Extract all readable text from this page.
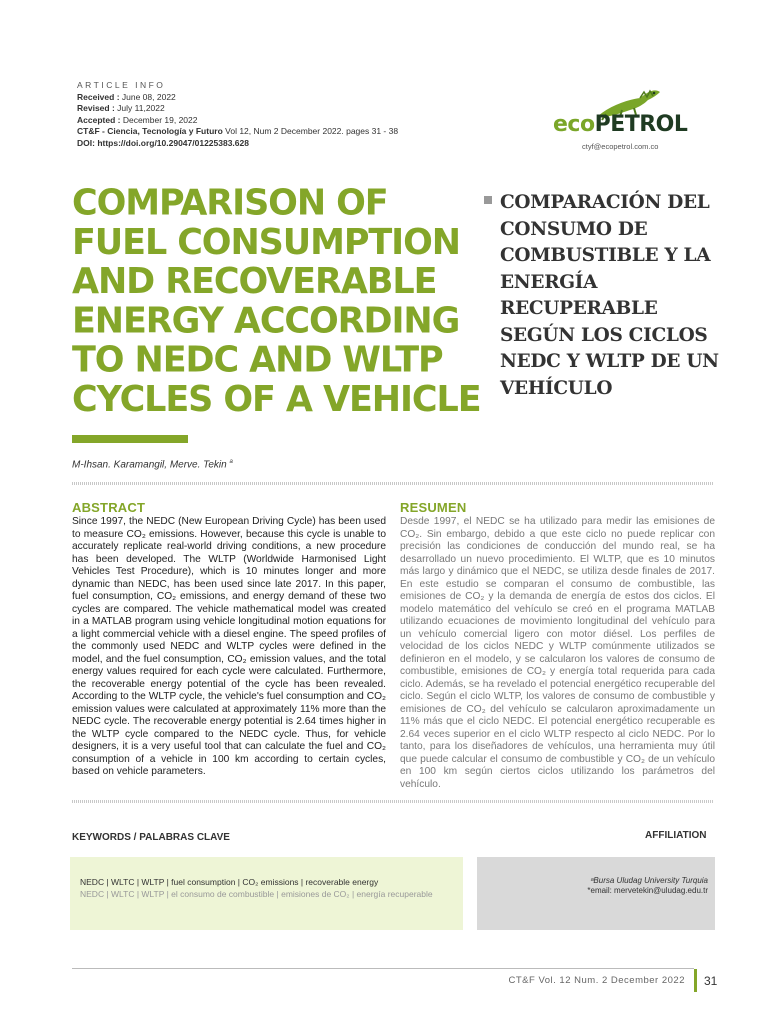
ARTICLE INFO
Received : June 08, 2022
Revised : July 11,2022
Accepted : December 19, 2022
CT&F - Ciencia, Tecnología y Futuro Vol 12, Num 2 December 2022. pages 31 - 38
DOI: https://doi.org/10.29047/01225383.628
ecoPETROL
ctyf@ecopetrol.com.co
COMPARISON OF FUEL CONSUMPTION AND RECOVERABLE ENERGY ACCORDING TO NEDC AND WLTP CYCLES OF A VEHICLE
COMPARACIÓN DEL CONSUMO DE COMBUSTIBLE Y LA ENERGÍA RECUPERABLE SEGÚN LOS CICLOS NEDC Y WLTP DE UN VEHÍCULO
M-Ihsan. Karamangil, Merve. Tekin $^a$
ABSTRACT
Since 1997, the NEDC (New European Driving Cycle) has been used to measure CO₂ emissions. However, because this cycle is unable to accurately replicate real-world driving conditions, a new procedure has been developed. The WLTP (Worldwide Harmonised Light Vehicles Test Procedure), which is 10 minutes longer and more dynamic than NEDC, has been used since late 2017. In this paper, fuel consumption, CO₂ emissions, and energy demand of these two cycles are compared. The vehicle mathematical model was created in a MATLAB program using vehicle longitudinal motion equations for a light commercial vehicle with a diesel engine. The speed profiles of the commonly used NEDC and WLTP cycles were defined in the model, and the fuel consumption, CO₂ emission values, and the total energy values required for each cycle were calculated. Furthermore, the recoverable energy potential of the cycle has been revealed. According to the WLTP cycle, the vehicle's fuel consumption and CO₂ emission values were calculated at approximately 11% more than the NEDC cycle. The recoverable energy potential is 2.64 times higher in the WLTP cycle compared to the NEDC cycle. Thus, for vehicle designers, it is a very useful tool that can calculate the fuel and CO₂ consumption of a vehicle in 100 km according to certain cycles, based on vehicle parameters.
RESUMEN
Desde 1997, el NEDC se ha utilizado para medir las emisiones de CO₂. Sin embargo, debido a que este ciclo no puede replicar con precisión las condiciones de conducción del mundo real, se ha desarrollado un nuevo procedimiento. El WLTP, que es 10 minutos más largo y dinámico que el NEDC, se utiliza desde finales de 2017. En este estudio se comparan el consumo de combustible, las emisiones de CO₂ y la demanda de energía de estos dos ciclos. El modelo matemático del vehículo se creó en el programa MATLAB utilizando ecuaciones de movimiento longitudinal del vehículo para un vehículo comercial ligero con motor diésel. Los perfiles de velocidad de los ciclos NEDC y WLTP comúnmente utilizados se definieron en el modelo, y se calcularon los valores de consumo de combustible, emisiones de CO₂ y energía total requerida para cada ciclo. Además, se ha revelado el potencial energético recuperable del ciclo. Según el ciclo WLTP, los valores de consumo de combustible y emisiones de CO₂ del vehículo se calcularon aproximadamente un 11% más que el ciclo NEDC. El potencial energético recuperable es 2.64 veces superior en el ciclo WLTP respecto al ciclo NEDC. Por lo tanto, para los diseñadores de vehículos, una herramienta muy útil que puede calcular el consumo de combustible y CO₂ de un vehículo en 100 km según ciertos ciclos utilizando los parámetros del vehículo.
KEYWORDS / PALABRAS CLAVE	AFFILIATION
NEDC | WLTC | WLTP | fuel consumption | CO₂ emissions | recoverable energy
NEDC | WLTC | WLTP | el consumo de combustible | emisiones de CO₂ | energía recuperable
ᵃBursa Uludag University Turquia
*email: mervetekin@uludag.edu.tr
CT&F Vol. 12 Num. 2 December 2022 31
